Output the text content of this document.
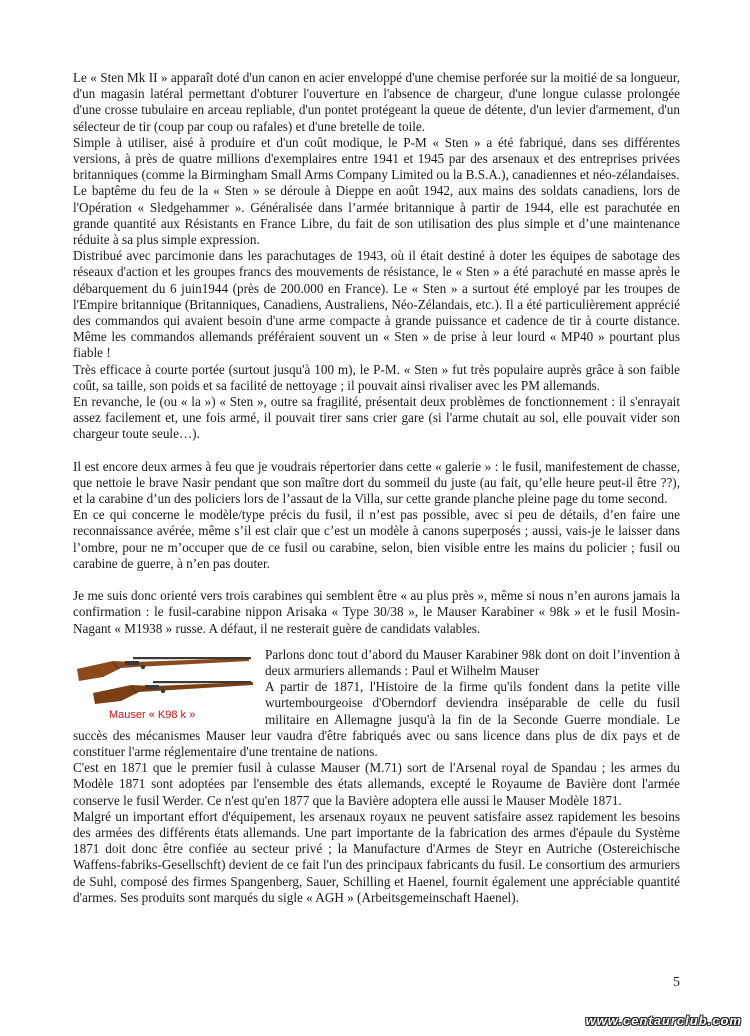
Le « Sten Mk II » apparaît doté d'un canon en acier enveloppé d'une chemise perforée sur la moitié de sa longueur, d'un magasin latéral permettant d'obturer l'ouverture en l'absence de chargeur, d'une longue culasse prolongée d'une crosse tubulaire en arceau repliable, d'un pontet protégeant la queue de détente, d'un levier d'armement, d'un sélecteur de tir (coup par coup ou rafales) et d'une bretelle de toile.

Simple à utiliser, aisé à produire et d'un coût modique, le P-M « Sten » a été fabriqué, dans ses différentes versions, à près de quatre millions d'exemplaires entre 1941 et 1945 par des arsenaux et des entreprises privées britanniques (comme la Birmingham Small Arms Company Limited ou la B.S.A.), canadiennes et néo-zélandaises.

Le baptême du feu de la « Sten » se déroule à Dieppe en août 1942, aux mains des soldats canadiens, lors de l'Opération « Sledgehammer ». Généralisée dans l’armée britannique à partir de 1944, elle est parachutée en grande quantité aux Résistants en France Libre, du fait de son utilisation des plus simple et d’une maintenance réduite à sa plus simple expression.

Distribué avec parcimonie dans les parachutages de 1943, où il était destiné à doter les équipes de sabotage des réseaux d'action et les groupes francs des mouvements de résistance, le « Sten » a été parachuté en masse après le débarquement du 6 juin1944 (près de 200.000 en France). Le « Sten » a surtout été employé par les troupes de l'Empire britannique (Britanniques, Canadiens, Australiens, Néo-Zélandais, etc.). Il a été particulièrement apprécié des commandos qui avaient besoin d'une arme compacte à grande puissance et cadence de tir à courte distance. Même les commandos allemands préféraient souvent un « Sten » de prise à leur lourd « MP40 » pourtant plus fiable !

Très efficace à courte portée (surtout jusqu'à 100 m), le P-M. « Sten » fut très populaire auprès grâce à son faible coût, sa taille, son poids et sa facilité de nettoyage ; il pouvait ainsi rivaliser avec les PM allemands.

En revanche, le (ou « la ») « Sten », outre sa fragilité, présentait deux problèmes de fonctionnement : il s'enrayait assez facilement et, une fois armé, il pouvait tirer sans crier gare (si l'arme chutait au sol, elle pouvait vider son chargeur toute seule…).

Il est encore deux armes à feu que je voudrais répertorier dans cette « galerie » : le fusil, manifestement de chasse, que nettoie le brave Nasir pendant que son maître dort du sommeil du juste (au fait, qu’elle heure peut-il être ??), et la carabine d’un des policiers lors de l’assaut de la Villa, sur cette grande planche pleine page du tome second.

En ce qui concerne le modèle/type précis du fusil, il n’est pas possible, avec si peu de détails, d’en faire une reconnaissance avérée, même s’il est clair que c’est un modèle à canons superposés ; aussi, vais-je le laisser dans l’ombre, pour ne m’occuper que de ce fusil ou carabine, selon, bien visible entre les mains du policier ; fusil ou carabine de guerre, à n’en pas douter.

Je me suis donc orienté vers trois carabines qui semblent être « au plus près », même si nous n’en aurons jamais la confirmation : le fusil-carabine nippon Arisaka « Type 30/38 », le Mauser Karabiner « 98k » et le fusil Mosin-Nagant « M1938 » russe. A défaut, il ne resterait guère de candidats valables.

Mauser « K98 k »

Parlons donc tout d’abord du Mauser Karabiner 98k dont on doit l’invention à deux armuriers allemands : Paul et Wilhelm Mauser

A partir de 1871, l'Histoire de la firme qu'ils fondent dans la petite ville wurtembourgeoise d'Oberndorf deviendra inséparable de celle du fusil militaire en Allemagne jusqu'à la fin de la Seconde Guerre mondiale. Le succès des mécanismes Mauser leur vaudra d'être fabriqués avec ou sans licence dans plus de dix pays et de constituer l'arme réglementaire d'une trentaine de nations.

C'est en 1871 que le premier fusil à culasse Mauser (M.71) sort de l'Arsenal royal de Spandau ; les armes du Modèle 1871 sont adoptées par l'ensemble des états allemands, excepté le Royaume de Bavière dont l'armée conserve le fusil Werder. Ce n'est qu'en 1877 que la Bavière adoptera elle aussi le Mauser Modèle 1871.

Malgré un important effort d'équipement, les arsenaux royaux ne peuvent satisfaire assez rapidement les besoins des armées des différents états allemands. Une part importante de la fabrication des armes d'épaule du Système 1871 doit donc être confiée au secteur privé ; la Manufacture d'Armes de Steyr en Autriche (Ostereichische Waffens-fabriks-Gesellschft) devient de ce fait l'un des principaux fabricants du fusil. Le consortium des armuriers de Suhl, composé des firmes Spangenberg, Sauer, Schilling et Haenel, fournit également une appréciable quantité d'armes. Ses produits sont marqués du sigle « AGH » (Arbeitsgemeinschaft Haenel).

5
www.centaurclub.com
